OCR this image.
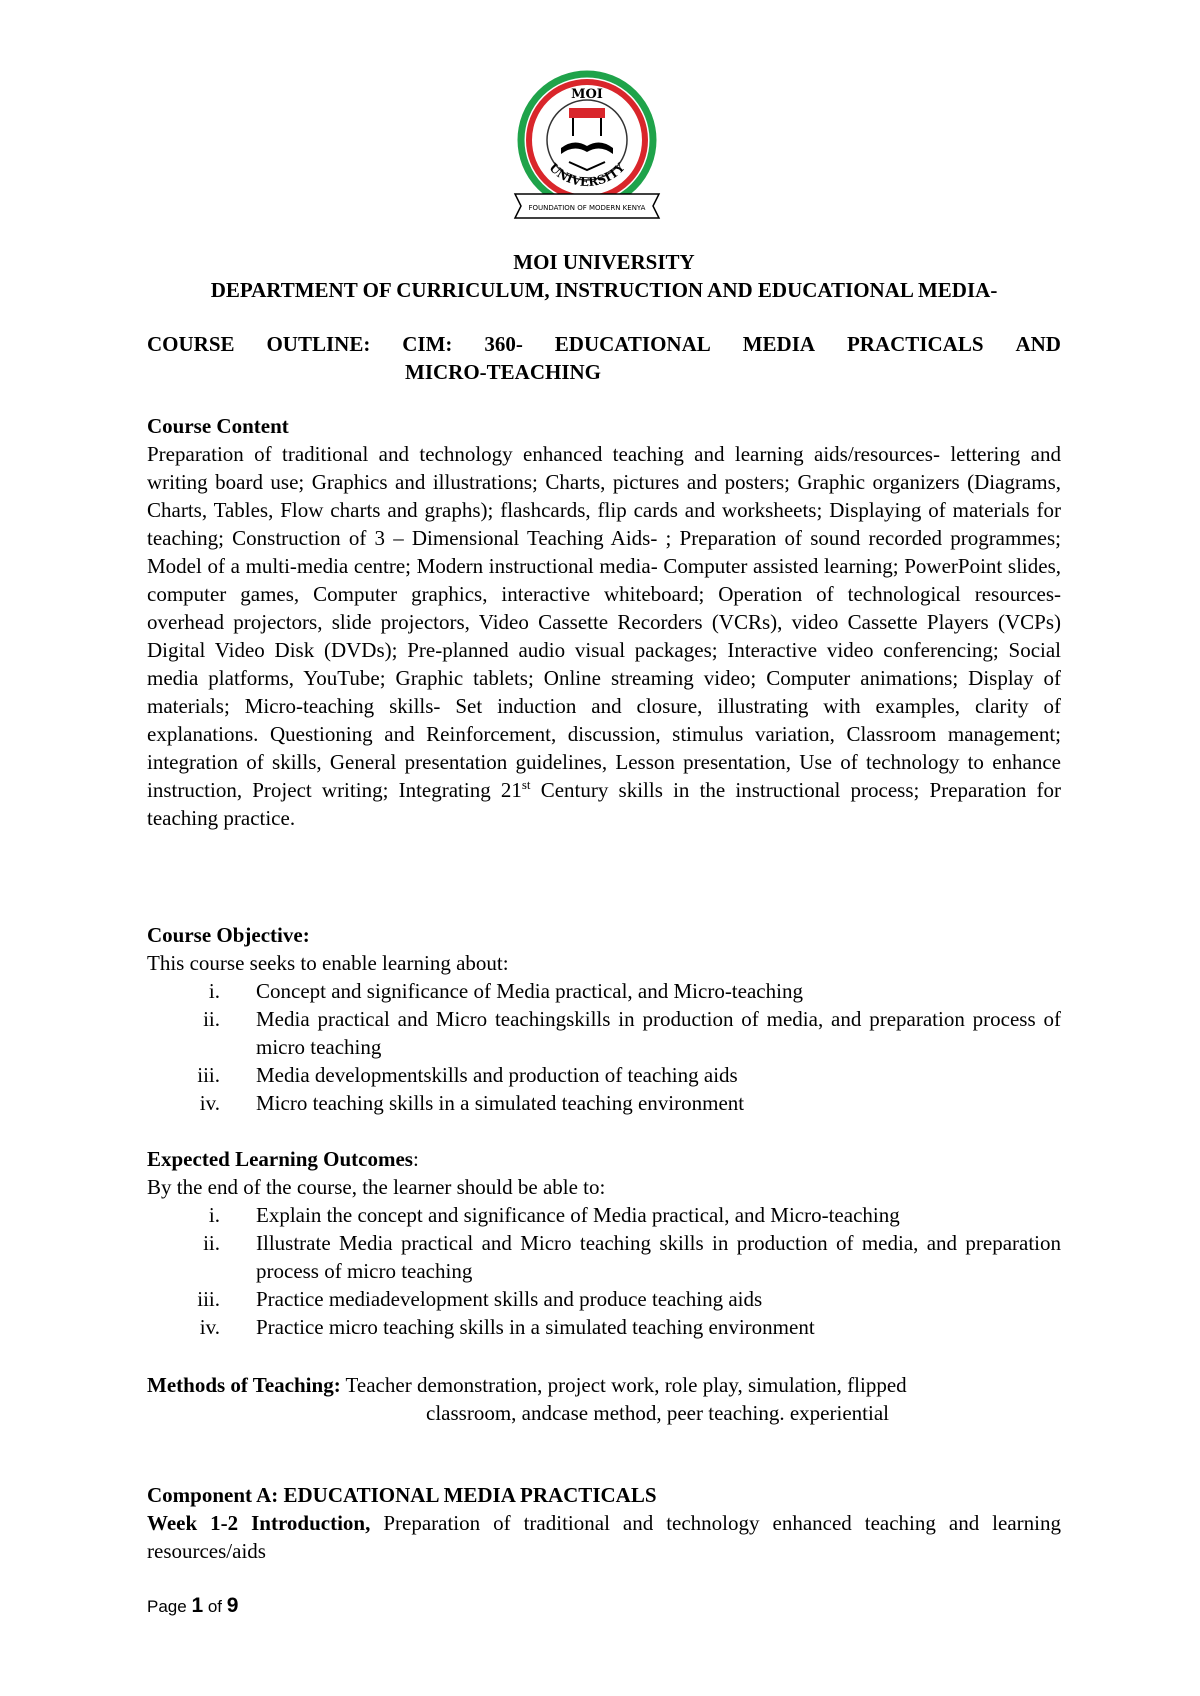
MOI
UNIVERSITY
FOUNDATION OF MODERN KENYA
MOI UNIVERSITY
DEPARTMENT OF CURRICULUM, INSTRUCTION AND EDUCATIONAL MEDIA-
COURSE OUTLINE: CIM: 360- EDUCATIONAL MEDIA PRACTICALS AND
MICRO-TEACHING
Course Content
Preparation of traditional and technology enhanced teaching and learning aids/resources- lettering and writing board use; Graphics and illustrations; Charts, pictures and posters; Graphic organizers (Diagrams, Charts, Tables, Flow charts and graphs); flashcards, flip cards and worksheets; Displaying of materials for teaching; Construction of 3 – Dimensional Teaching Aids- ; Preparation of sound recorded programmes; Model of a multi-media centre; Modern instructional media- Computer assisted learning; PowerPoint slides, computer games, Computer graphics, interactive whiteboard; Operation of technological resources- overhead projectors, slide projectors, Video Cassette Recorders (VCRs), video Cassette Players (VCPs) Digital Video Disk (DVDs); Pre-planned audio visual packages; Interactive video conferencing; Social media platforms, YouTube; Graphic tablets; Online streaming video; Computer animations; Display of materials; Micro-teaching skills- Set induction and closure, illustrating with examples, clarity of explanations. Questioning and Reinforcement, discussion, stimulus variation, Classroom management; integration of skills, General presentation guidelines, Lesson presentation, Use of technology to enhance instruction, Project writing; Integrating 21st Century skills in the instructional process; Preparation for teaching practice.
Course Objective:
This course seeks to enable learning about:
i.	Concept and significance of Media practical, and Micro-teaching
ii.	Media practical and Micro teachingskills in production of media, and preparation process of micro teaching
iii.	Media developmentskills and production of teaching aids
iv.	Micro teaching skills in a simulated teaching environment
Expected Learning Outcomes:
By the end of the course, the learner should be able to:
i.	Explain the concept and significance of Media practical, and Micro-teaching
ii.	Illustrate Media practical and Micro teaching skills in production of media, and preparation process of micro teaching
iii.	Practice mediadevelopment skills and produce teaching aids
iv.	Practice micro teaching skills in a simulated teaching environment
Methods of Teaching: Teacher demonstration, project work, role play, simulation, flipped
classroom, andcase method, peer teaching. experiential
Component A: EDUCATIONAL MEDIA PRACTICALS
Week 1-2 Introduction, Preparation of traditional and technology enhanced teaching and learning resources/aids
Page 1 of 9
